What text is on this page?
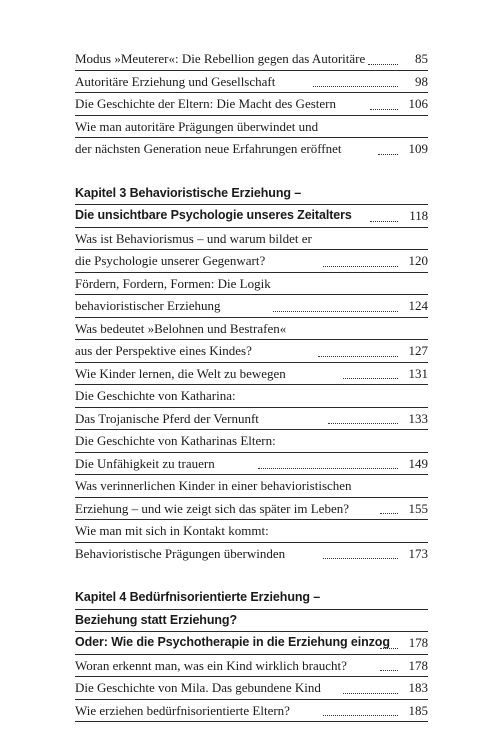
Modus »Meuterer«: Die Rebellion gegen das Autoritäre	85
Autoritäre Erziehung und Gesellschaft	98
Die Geschichte der Eltern: Die Macht des Gestern	106
Wie man autoritäre Prägungen überwindet und
der nächsten Generation neue Erfahrungen eröffnet	109
Kapitel 3 Behavioristische Erziehung –
Die unsichtbare Psychologie unseres Zeitalters	118
Was ist Behaviorismus – und warum bildet er
die Psychologie unserer Gegenwart?	120
Fördern, Fordern, Formen: Die Logik
behavioristischer Erziehung	124
Was bedeutet »Belohnen und Bestrafen«
aus der Perspektive eines Kindes?	127
Wie Kinder lernen, die Welt zu bewegen	131
Die Geschichte von Katharina:
Das Trojanische Pferd der Vernunft	133
Die Geschichte von Katharinas Eltern:
Die Unfähigkeit zu trauern	149
Was verinnerlichen Kinder in einer behavioristischen
Erziehung – und wie zeigt sich das später im Leben?	155
Wie man mit sich in Kontakt kommt:
Behavioristische Prägungen überwinden	173
Kapitel 4 Bedürfnisorientierte Erziehung –
Beziehung statt Erziehung?
Oder: Wie die Psychotherapie in die Erziehung einzog 178
Woran erkennt man, was ein Kind wirklich braucht?	178
Die Geschichte von Mila. Das gebundene Kind	183
Wie erziehen bedürfnisorientierte Eltern?	185
